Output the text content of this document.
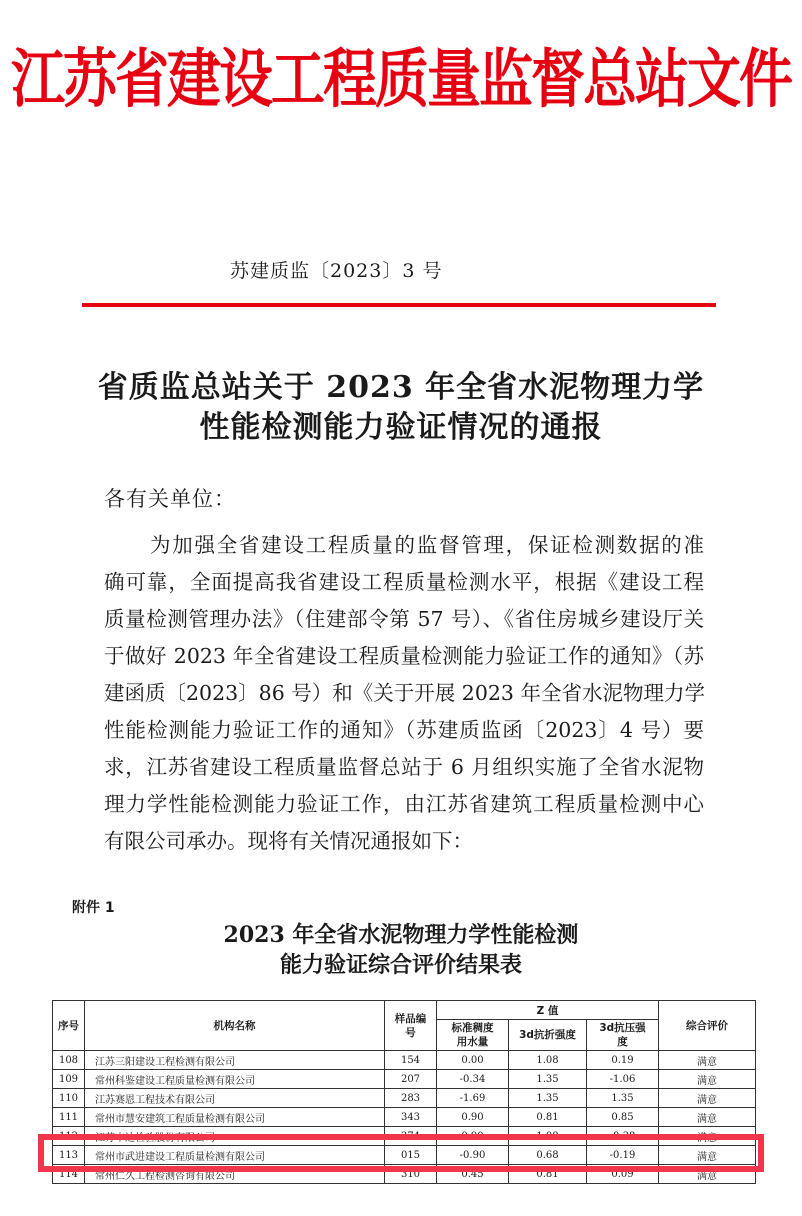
江苏省建设工程质量监督总站文件
苏建质监〔2023〕3 号
省质监总站关于 2023 年全省水泥物理力学
性能检测能力验证情况的通报
各有关单位：
为加强全省建设工程质量的监督管理，保证检测数据的准
确可靠，全面提高我省建设工程质量检测水平，根据《建设工程
质量检测管理办法》（住建部令第 57 号）、《省住房城乡建设厅关
于做好 2023 年全省建设工程质量检测能力验证工作的通知》（苏
建函质〔2023〕86 号）和《关于开展 2023 年全省水泥物理力学
性能检测能力验证工作的通知》（苏建质监函〔2023〕4 号）要
求，江苏省建设工程质量监督总站于 6 月组织实施了全省水泥物
理力学性能检测能力验证工作，由江苏省建筑工程质量检测中心
有限公司承办。现将有关情况通报如下：
附件 1
2023 年全省水泥物理力学性能检测
能力验证综合评价结果表
序号	机构名称	样品编号	Z 值			综合评价
			标准稠度用水量	3d抗折强度	3d抗压强度	
108	江苏三阳建设工程检测有限公司	154	0.00	1.08	0.19	满意
109	常州科鉴建设工程质量检测有限公司	207	-0.34	1.35	-1.06	满意
110	江苏赛恩工程技术有限公司	283	-1.69	1.35	1.35	满意
111	常州市慧安建筑工程质量检测有限公司	343	0.90	0.81	0.85	满意
112	江苏申达检验股份有限公司	274	0.90	1.08	-0.38	满意
113	常州市武进建设工程质量检测有限公司	015	-0.90	0.68	-0.19	满意
114	常州仁久工程检测咨询有限公司	310	0.45	0.81	0.09	满意
